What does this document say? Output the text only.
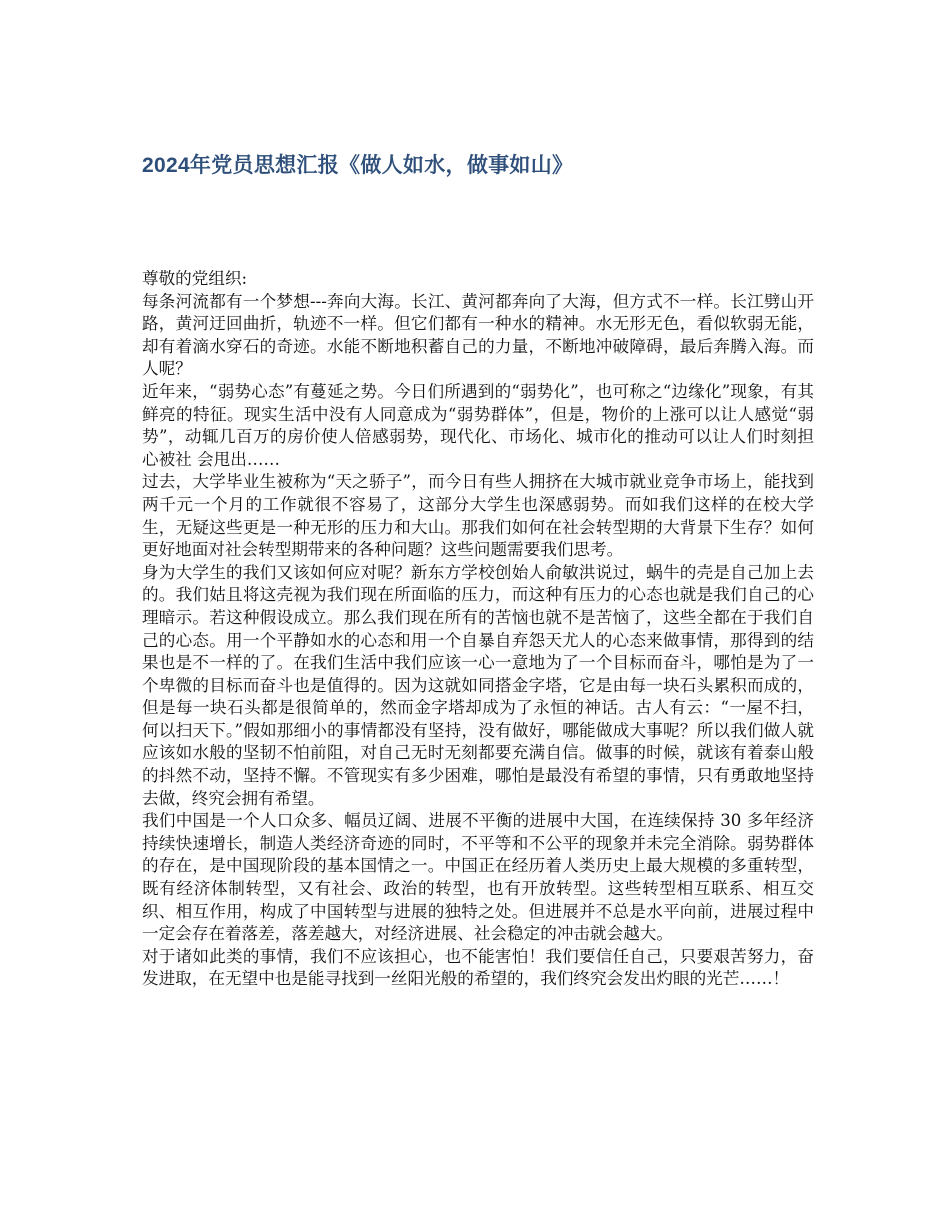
2024年党员思想汇报《做人如水，做事如山》

尊敬的党组织:

每条河流都有一个梦想---奔向大海。长江、黄河都奔向了大海，但方式不一样。长江劈山开路，黄河迂回曲折，轨迹不一样。但它们都有一种水的精神。水无形无色，看似软弱无能，却有着滴水穿石的奇迹。水能不断地积蓄自己的力量，不断地冲破障碍，最后奔腾入海。而人呢？

近年来，“弱势心态”有蔓延之势。今日们所遇到的“弱势化”，也可称之“边缘化”现象，有其鲜亮的特征。现实生活中没有人同意成为“弱势群体”，但是，物价的上涨可以让人感觉“弱势”，动辄几百万的房价使人倍感弱势，现代化、市场化、城市化的推动可以让人们时刻担心被社 会甩出……

过去，大学毕业生被称为“天之骄子”，而今日有些人拥挤在大城市就业竞争市场上，能找到两千元一个月的工作就很不容易了，这部分大学生也深感弱势。而如我们这样的在校大学生，无疑这些更是一种无形的压力和大山。那我们如何在社会转型期的大背景下生存？如何更好地面对社会转型期带来的各种问题？这些问题需要我们思考。

身为大学生的我们又该如何应对呢？新东方学校创始人俞敏洪说过，蜗牛的壳是自己加上去的。我们姑且将这壳视为我们现在所面临的压力，而这种有压力的心态也就是我们自己的心理暗示。若这种假设成立。那么我们现在所有的苦恼也就不是苦恼了，这些全都在于我们自己的心态。用一个平静如水的心态和用一个自暴自弃怨天尤人的心态来做事情，那得到的结果也是不一样的了。在我们生活中我们应该一心一意地为了一个目标而奋斗，哪怕是为了一个卑微的目标而奋斗也是值得的。因为这就如同搭金字塔，它是由每一块石头累积而成的，但是每一块石头都是很简单的，然而金字塔却成为了永恒的神话。古人有云：“一屋不扫，何以扫天下。”假如那细小的事情都没有坚持，没有做好，哪能做成大事呢？所以我们做人就应该如水般的坚韧不怕前阻，对自己无时无刻都要充满自信。做事的时候，就该有着泰山般的抖然不动，坚持不懈。不管现实有多少困难，哪怕是最没有希望的事情，只有勇敢地坚持去做，终究会拥有希望。

我们中国是一个人口众多、幅员辽阔、进展不平衡的进展中大国，在连续保持 30 多年经济持续快速增长，制造人类经济奇迹的同时，不平等和不公平的现象并未完全消除。弱势群体的存在，是中国现阶段的基本国情之一。中国正在经历着人类历史上最大规模的多重转型，既有经济体制转型，又有社会、政治的转型，也有开放转型。这些转型相互联系、相互交织、相互作用，构成了中国转型与进展的独特之处。但进展并不总是水平向前，进展过程中一定会存在着落差，落差越大，对经济进展、社会稳定的冲击就会越大。

对于诸如此类的事情，我们不应该担心，也不能害怕！我们要信任自己，只要艰苦努力，奋发进取，在无望中也是能寻找到一丝阳光般的希望的，我们终究会发出灼眼的光芒……！
